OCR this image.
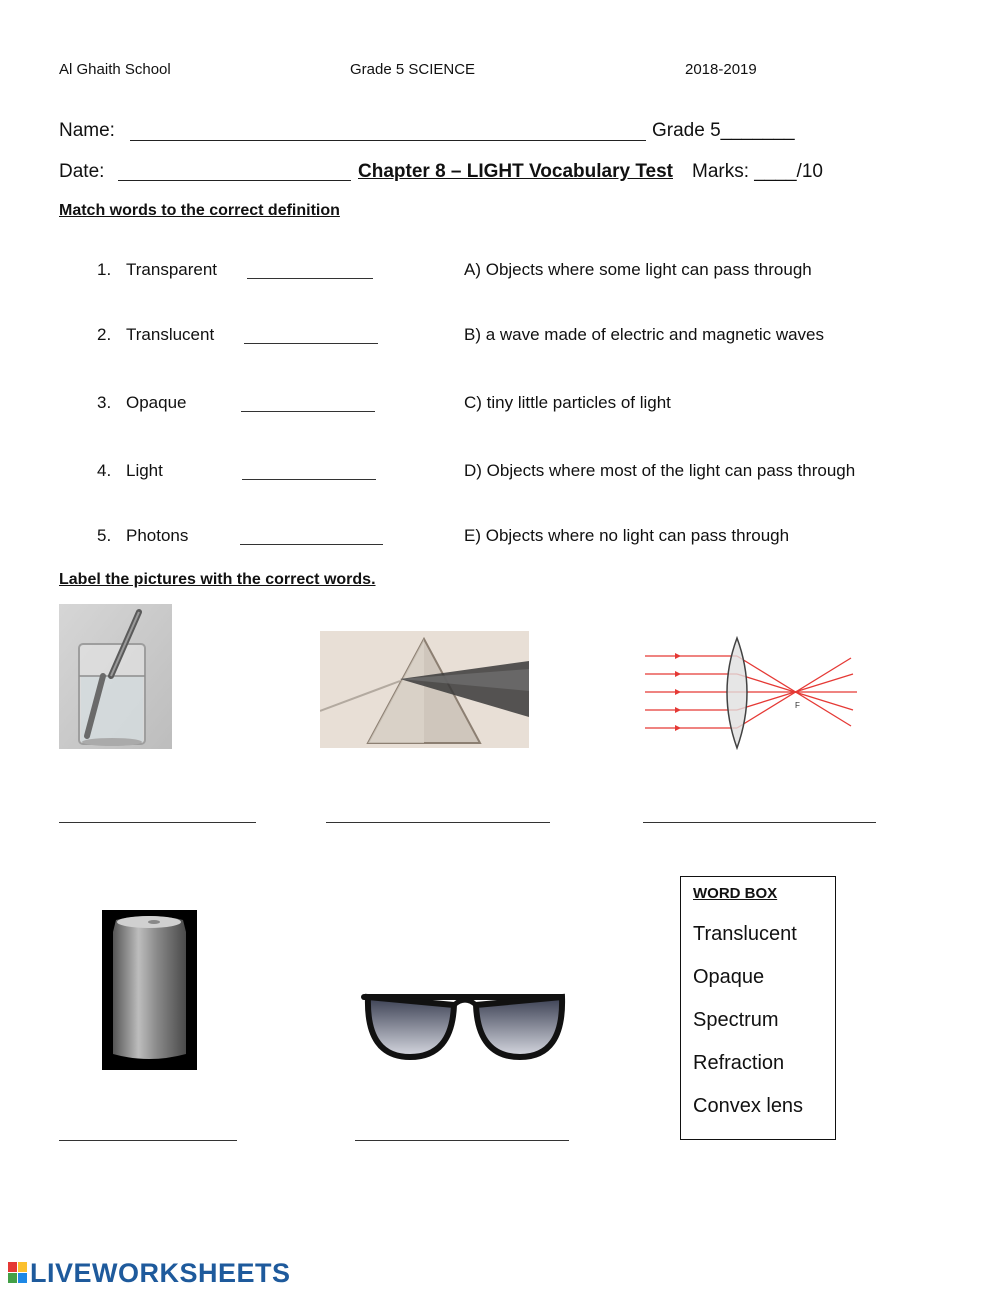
Al Ghaith School	Grade 5 SCIENCE	2018-2019
Name:	Grade 5_______
Date:	Chapter 8 – LIGHT Vocabulary Test Marks: ____/10
Match words to the correct definition
1. Transparent	A) Objects where some light can pass through
2. Translucent	B) a wave made of electric and magnetic waves
3. Opaque	C) tiny little particles of light
4. Light	D) Objects where most of the light can pass through
5. Photons	E) Objects where no light can pass through
Label the pictures with the correct words.
F
WORD BOX
Translucent
Opaque
Spectrum
Refraction
Convex lens
LIVEWORKSHEETS
